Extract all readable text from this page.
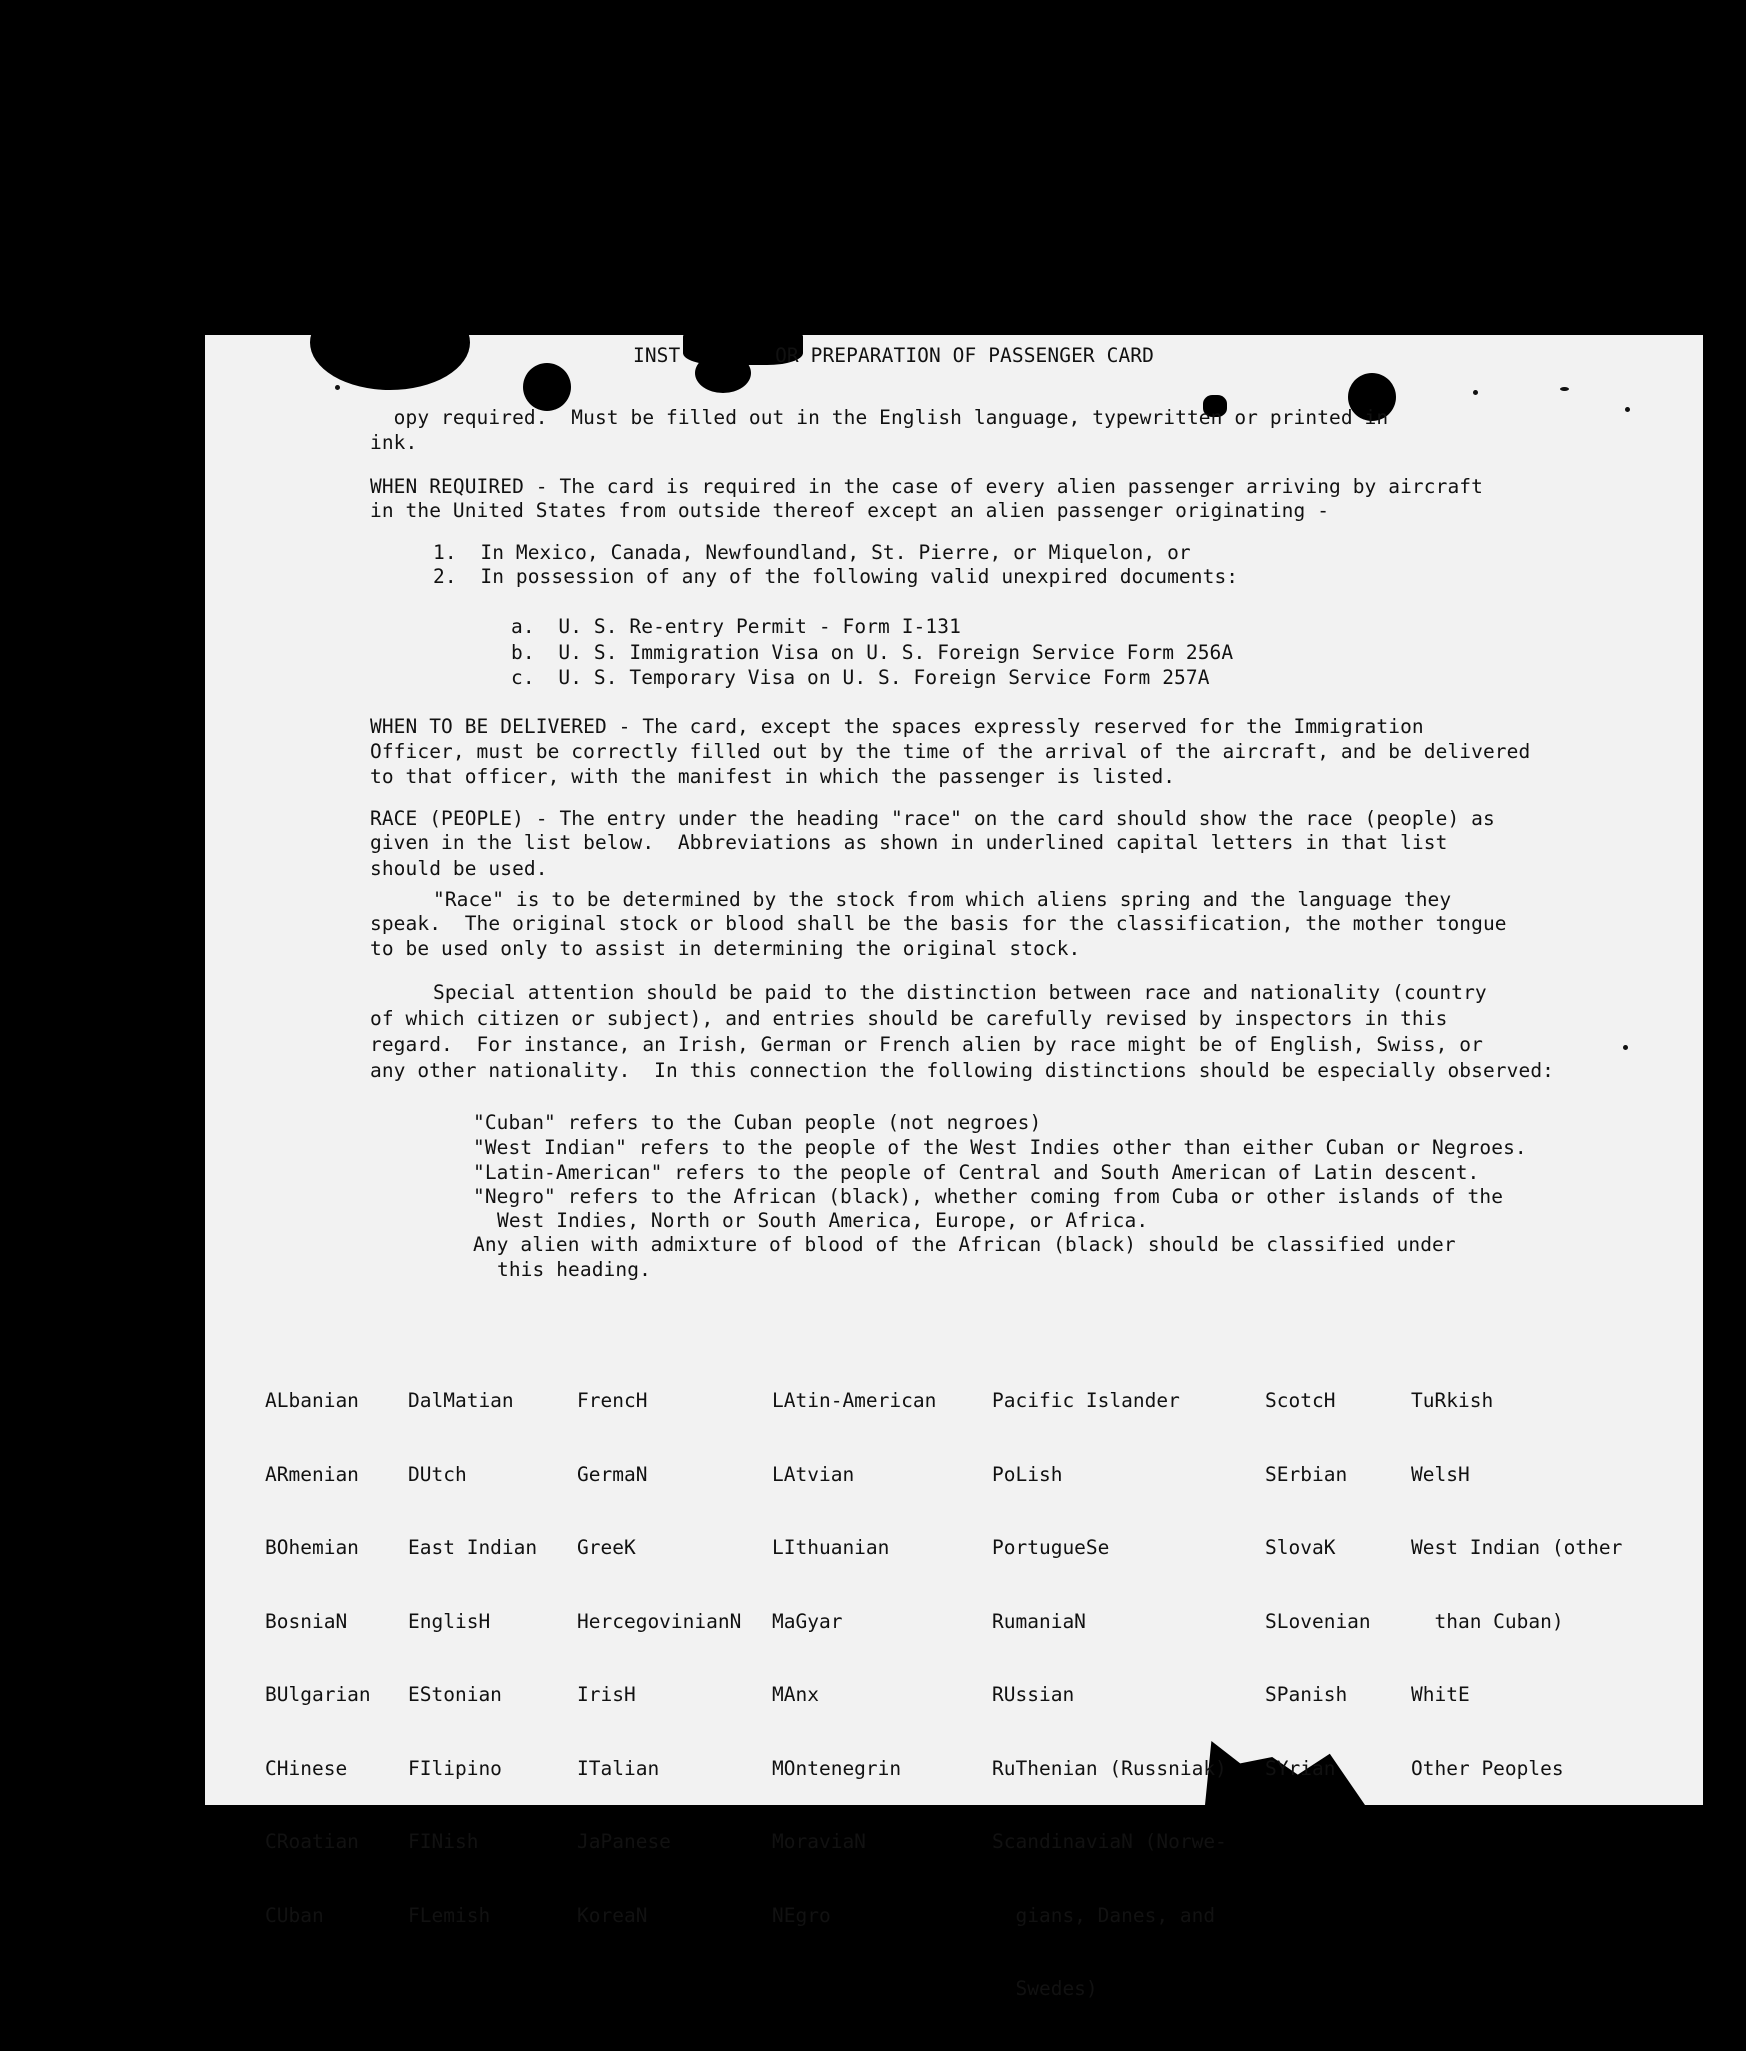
INST        OR PREPARATION OF PASSENGER CARD
opy required.  Must be filled out in the English language, typewritten or printed in
ink.
WHEN REQUIRED - The card is required in the case of every alien passenger arriving by aircraft
in the United States from outside thereof except an alien passenger originating -
1.  In Mexico, Canada, Newfoundland, St. Pierre, or Miquelon, or
2.  In possession of any of the following valid unexpired documents:
a.  U. S. Re-entry Permit - Form I-131
b.  U. S. Immigration Visa on U. S. Foreign Service Form 256A
c.  U. S. Temporary Visa on U. S. Foreign Service Form 257A
WHEN TO BE DELIVERED - The card, except the spaces expressly reserved for the Immigration
Officer, must be correctly filled out by the time of the arrival of the aircraft, and be delivered
to that officer, with the manifest in which the passenger is listed.
RACE (PEOPLE) - The entry under the heading "race" on the card should show the race (people) as
given in the list below.  Abbreviations as shown in underlined capital letters in that list
should be used.
"Race" is to be determined by the stock from which aliens spring and the language they
speak.  The original stock or blood shall be the basis for the classification, the mother tongue
to be used only to assist in determining the original stock.
Special attention should be paid to the distinction between race and nationality (country
of which citizen or subject), and entries should be carefully revised by inspectors in this
regard.  For instance, an Irish, German or French alien by race might be of English, Swiss, or
any other nationality.  In this connection the following distinctions should be especially observed:
"Cuban" refers to the Cuban people (not negroes)
"West Indian" refers to the people of the West Indies other than either Cuban or Negroes.
"Latin-American" refers to the people of Central and South American of Latin descent.
"Negro" refers to the African (black), whether coming from Cuba or other islands of the
West Indies, North or South America, Europe, or Africa.
Any alien with admixture of blood of the African (black) should be classified under
this heading.

ALbanian

ARmenian

BOhemian

BosniaN

BUlgarian

CHinese

CRoatian

CUban

DalMatian

DUtch

East Indian

EnglisH

EStonian

FIlipino

FINish

FLemish

FrencH

GermaN

GreeK

HercegovinianN

IrisH

ITalian

JaPanese

KoreaN

LAtin-American

LAtvian

LIthuanian

MaGyar

MAnx

MOntenegrin

MoraviaN

NEgro

Pacific Islander

PoLish

PortugueSe

RumaniaN

RUssian

RuThenian (Russniak)

ScandinaviaN (Norwe-

gians, Danes, and

Swedes)

ScotcH

SErbian

SlovaK

SLovenian

SPanish

SYrian

TuRkish

WelsH

West Indian (other

than Cuban)

WhitE

Other Peoples
